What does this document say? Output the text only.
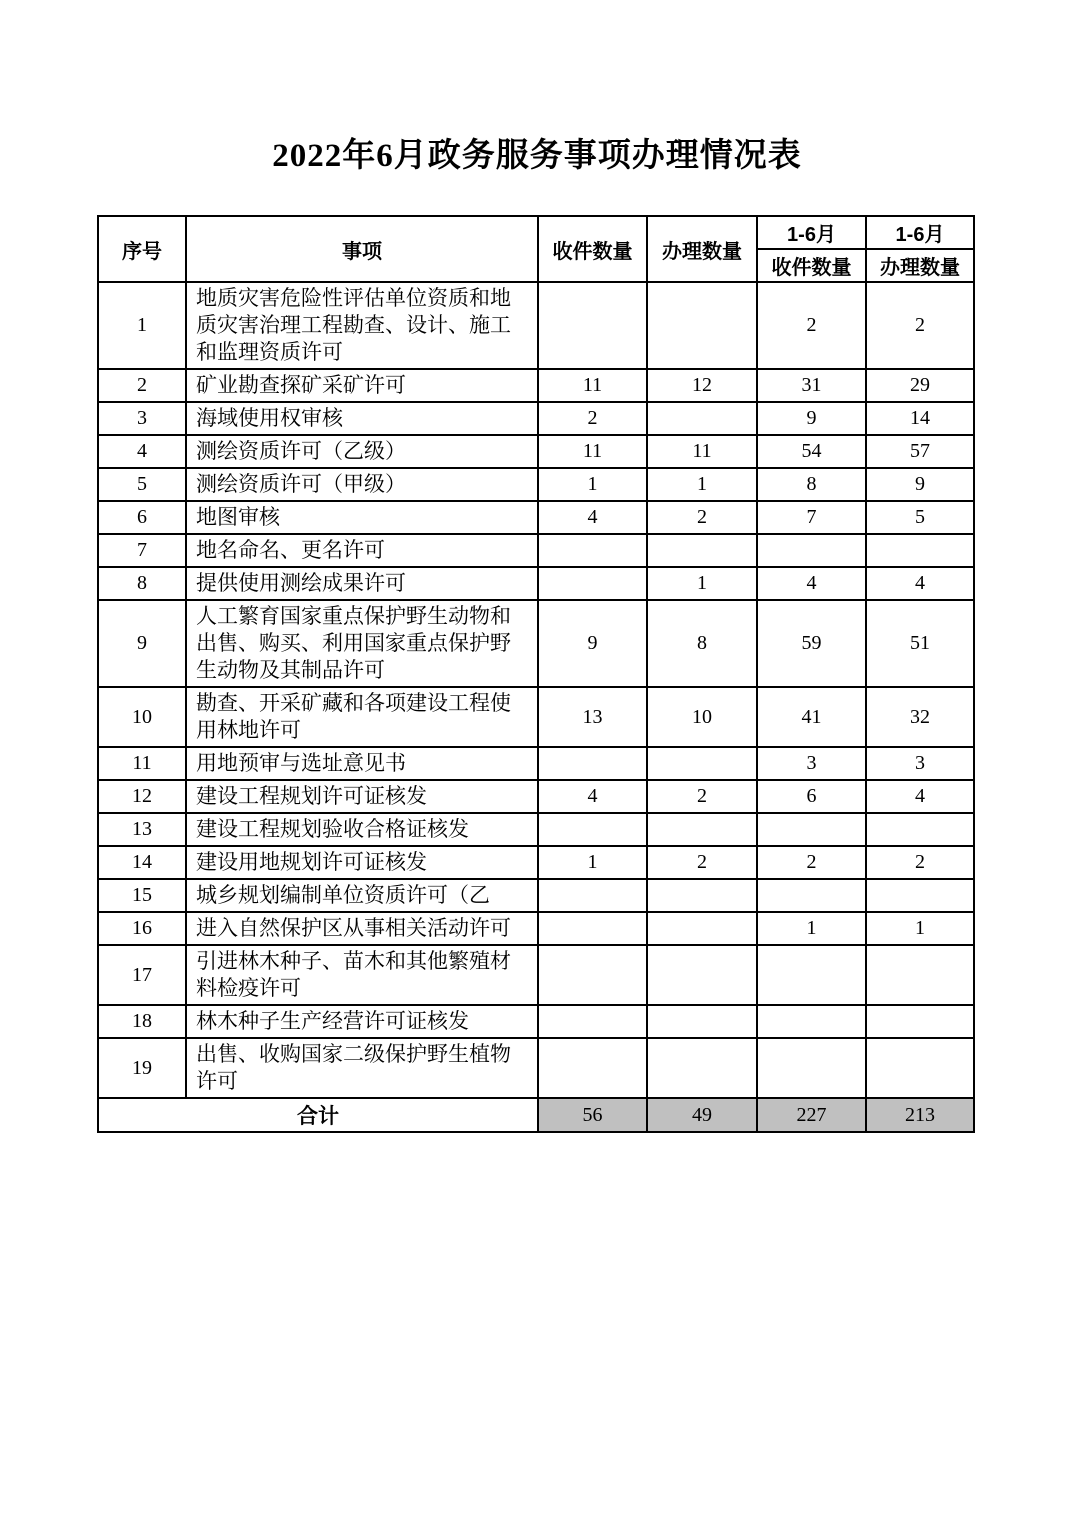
2022年6月政务服务事项办理情况表
序号	事项	收件数量	办理数量	1-6月	1-6月
				收件数量	办理数量
1	地质灾害危险性评估单位资质和地质灾害治理工程勘查、设计、施工和监理资质许可			2	2
2	矿业勘查探矿采矿许可	11	12	31	29
3	海域使用权审核	2		9	14
4	测绘资质许可（乙级）	11	11	54	57
5	测绘资质许可（甲级）	1	1	8	9
6	地图审核	4	2	7	5
7	地名命名、更名许可				
8	提供使用测绘成果许可		1	4	4
9	人工繁育国家重点保护野生动物和出售、购买、利用国家重点保护野生动物及其制品许可	9	8	59	51
10	勘查、开采矿藏和各项建设工程使用林地许可	13	10	41	32
11	用地预审与选址意见书			3	3
12	建设工程规划许可证核发	4	2	6	4
13	建设工程规划验收合格证核发				
14	建设用地规划许可证核发	1	2	2	2
15	城乡规划编制单位资质许可（乙				
16	进入自然保护区从事相关活动许可			1	1
17	引进林木种子、苗木和其他繁殖材料检疫许可				
18	林木种子生产经营许可证核发				
19	出售、收购国家二级保护野生植物许可				
合计		56	49	227	213
